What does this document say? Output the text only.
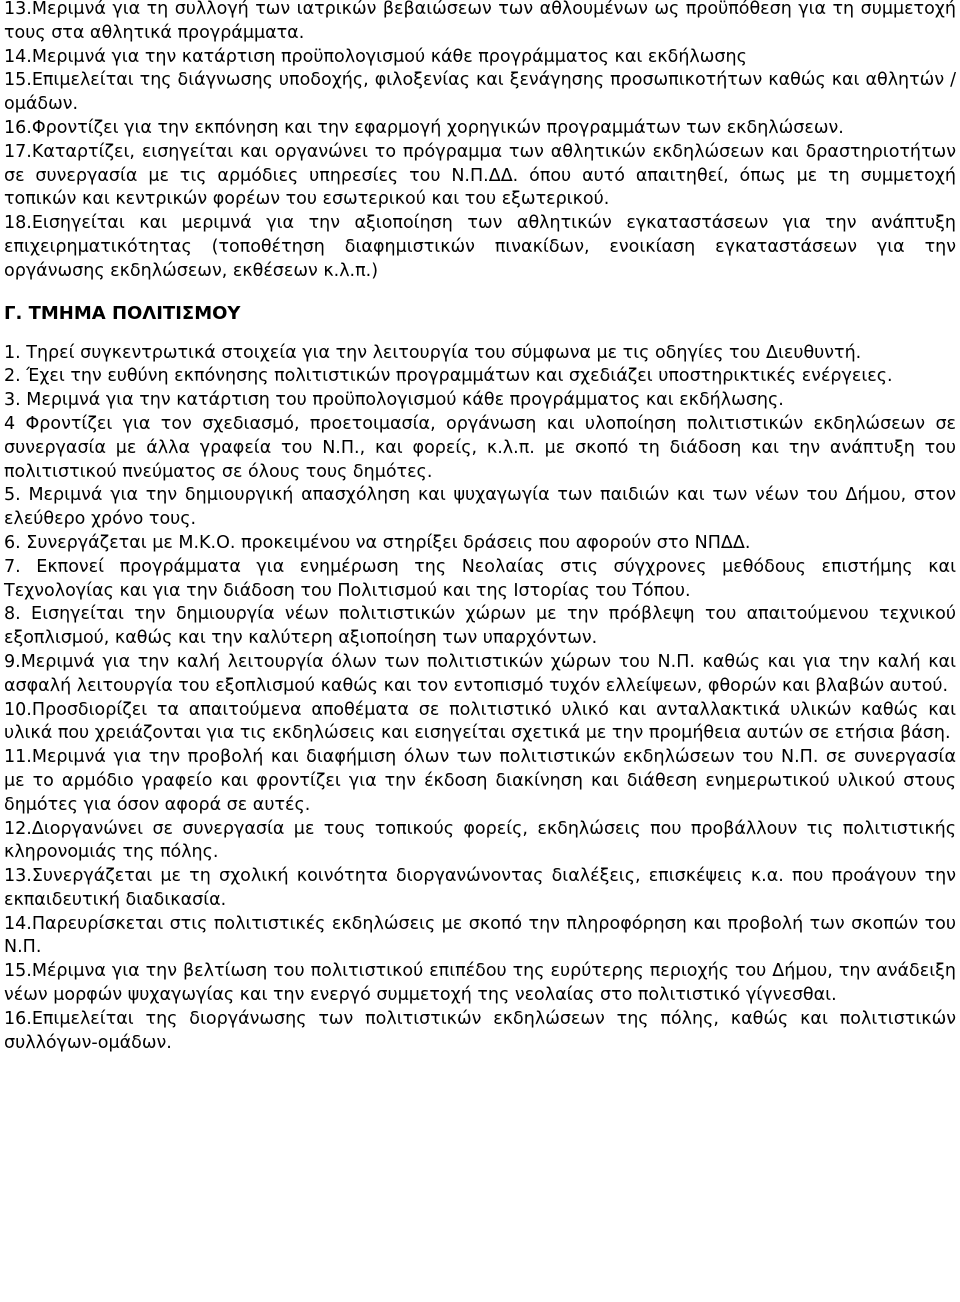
13.Μεριμνά για τη συλλογή των ιατρικών βεβαιώσεων των αθλουμένων ως προϋπόθεση για τη συμμετοχή τους στα αθλητικά προγράμματα.

14.Μεριμνά για την κατάρτιση προϋπολογισμού κάθε προγράμματος και εκδήλωσης

15.Επιμελείται της διάγνωσης υποδοχής, φιλοξενίας και ξενάγησης προσωπικοτήτων καθώς και αθλητών / ομάδων.

16.Φροντίζει για την εκπόνηση και την εφαρμογή χορηγικών προγραμμάτων των εκδηλώσεων.

17.Καταρτίζει, εισηγείται και οργανώνει το πρόγραμμα των αθλητικών εκδηλώσεων και δραστηριοτήτων σε συνεργασία με τις αρμόδιες υπηρεσίες του Ν.Π.ΔΔ. όπου αυτό απαιτηθεί, όπως με τη συμμετοχή τοπικών και κεντρικών φορέων του εσωτερικού και του εξωτερικού.

18.Εισηγείται και μεριμνά για την αξιοποίηση των αθλητικών εγκαταστάσεων για την ανάπτυξη επιχειρηματικότητας (τοποθέτηση διαφημιστικών πινακίδων, ενοικίαση εγκαταστάσεων για την οργάνωσης εκδηλώσεων, εκθέσεων κ.λ.π.)

Γ. ΤΜΗΜΑ ΠΟΛΙΤΙΣΜΟΥ

1. Τηρεί συγκεντρωτικά στοιχεία για την λειτουργία του σύμφωνα με τις οδηγίες του Διευθυντή.

2. Έχει την ευθύνη εκπόνησης πολιτιστικών προγραμμάτων και σχεδιάζει υποστηρικτικές ενέργειες.

3. Μεριμνά για την κατάρτιση του προϋπολογισμού κάθε προγράμματος και εκδήλωσης.

4 Φροντίζει για τον σχεδιασμό, προετοιμασία, οργάνωση και υλοποίηση πολιτιστικών εκδηλώσεων σε συνεργασία με άλλα γραφεία του Ν.Π., και φορείς, κ.λ.π. με σκοπό τη διάδοση και την ανάπτυξη του πολιτιστικού πνεύματος σε όλους τους δημότες.

5. Μεριμνά για την δημιουργική απασχόληση και ψυχαγωγία των παιδιών και των νέων του Δήμου, στον ελεύθερο χρόνο τους.

6. Συνεργάζεται με Μ.Κ.Ο. προκειμένου να στηρίξει δράσεις που αφορούν στο ΝΠΔΔ.

7. Εκπονεί προγράμματα για ενημέρωση της Νεολαίας στις σύγχρονες μεθόδους επιστήμης και Τεχνολογίας και για την διάδοση του Πολιτισμού και της Ιστορίας του Τόπου.

8. Εισηγείται την δημιουργία νέων πολιτιστικών χώρων με την πρόβλεψη του απαιτούμενου τεχνικού εξοπλισμού, καθώς και την καλύτερη αξιοποίηση των υπαρχόντων.

9.Μεριμνά για την καλή λειτουργία όλων των πολιτιστικών χώρων του Ν.Π. καθώς και για την καλή και ασφαλή λειτουργία του εξοπλισμού καθώς και τον εντοπισμό τυχόν ελλείψεων, φθορών και βλαβών αυτού.

10.Προσδιορίζει τα απαιτούμενα αποθέματα σε πολιτιστικό υλικό και ανταλλακτικά υλικών καθώς και υλικά που χρειάζονται για τις εκδηλώσεις και εισηγείται σχετικά με την προμήθεια αυτών σε ετήσια βάση.

11.Μεριμνά για την προβολή και διαφήμιση όλων των πολιτιστικών εκδηλώσεων του Ν.Π. σε συνεργασία με το αρμόδιο γραφείο και φροντίζει για την έκδοση διακίνηση και διάθεση ενημερωτικού υλικού στους δημότες για όσον αφορά σε αυτές.

12.Διοργανώνει σε συνεργασία με τους τοπικούς φορείς, εκδηλώσεις που προβάλλουν τις πολιτιστικής κληρονομιάς της πόλης.

13.Συνεργάζεται με τη σχολική κοινότητα διοργανώνοντας διαλέξεις, επισκέψεις κ.α. που προάγουν την εκπαιδευτική διαδικασία.

14.Παρευρίσκεται στις πολιτιστικές εκδηλώσεις με σκοπό την πληροφόρηση και προβολή των σκοπών του Ν.Π.

15.Μέριμνα για την βελτίωση του πολιτιστικού επιπέδου της ευρύτερης περιοχής του Δήμου, την ανάδειξη νέων μορφών ψυχαγωγίας και την ενεργό συμμετοχή της νεολαίας στο πολιτιστικό γίγνεσθαι.

16.Επιμελείται της διοργάνωσης των πολιτιστικών εκδηλώσεων της πόλης, καθώς και πολιτιστικών συλλόγων-ομάδων.
